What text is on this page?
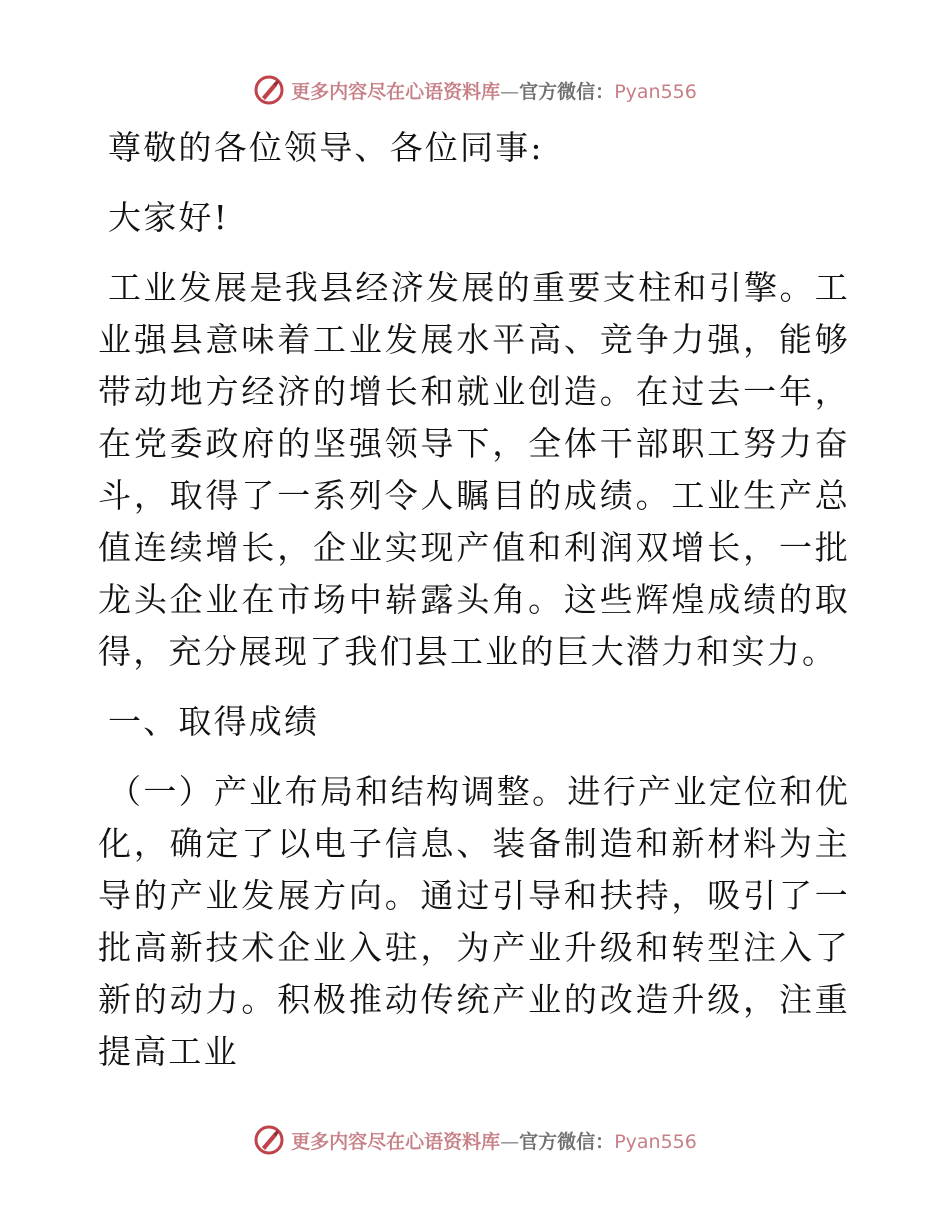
更多内容尽在心语资料库—官方微信：Pyan556

尊敬的各位领导、各位同事:

大家好!

工业发展是我县经济发展的重要支柱和引擎。工业强县意味着工业发展水平高、竞争力强，能够带动地方经济的增长和就业创造。在过去一年，在党委政府的坚强领导下，全体干部职工努力奋斗，取得了一系列令人瞩目的成绩。工业生产总值连续增长，企业实现产值和利润双增长，一批龙头企业在市场中崭露头角。这些辉煌成绩的取得，充分展现了我们县工业的巨大潜力和实力。

一、取得成绩

（一）产业布局和结构调整。进行产业定位和优化，确定了以电子信息、装备制造和新材料为主导的产业发展方向。通过引导和扶持，吸引了一批高新技术企业入驻，为产业升级和转型注入了新的动力。积极推动传统产业的改造升级，注重提高工业

更多内容尽在心语资料库—官方微信：Pyan556
